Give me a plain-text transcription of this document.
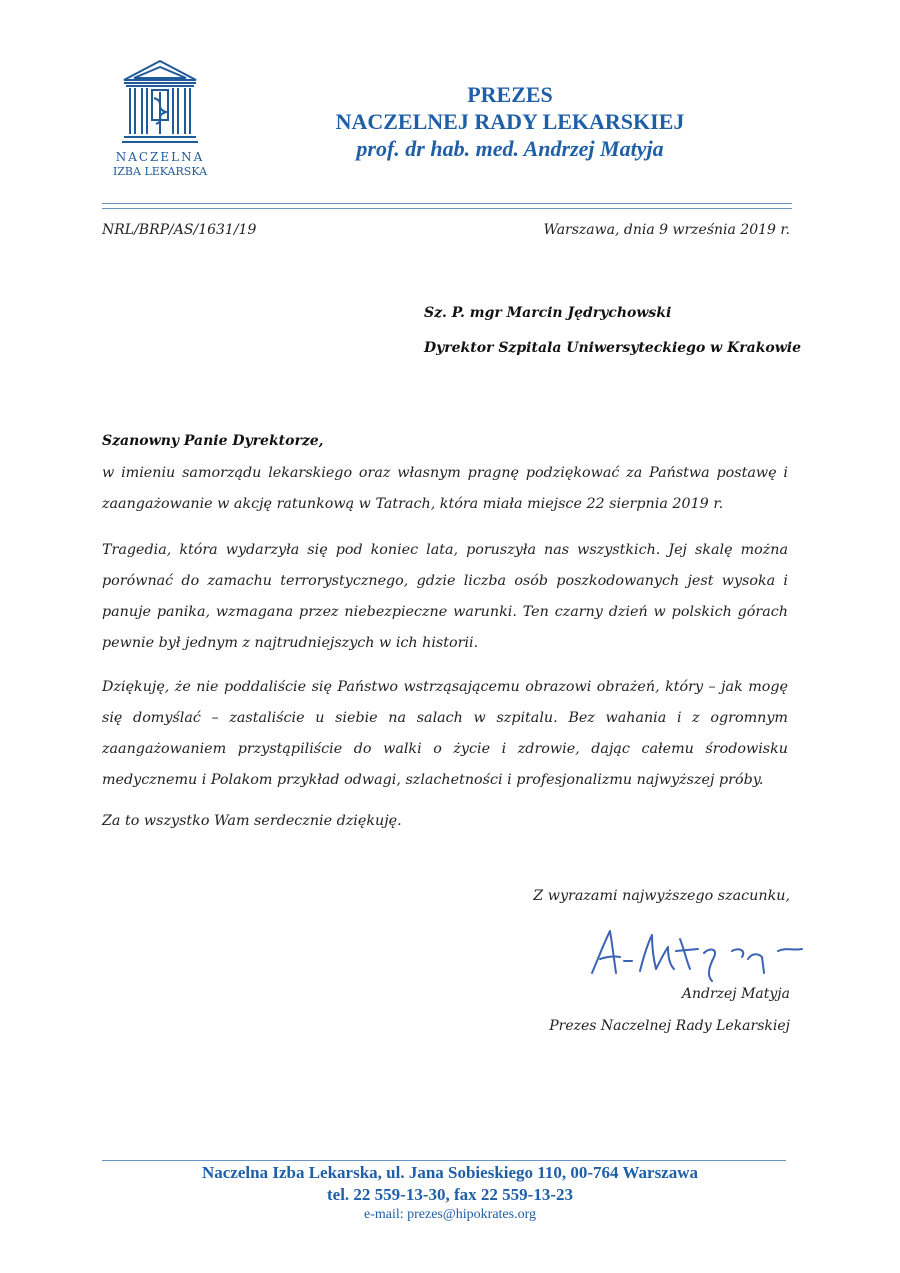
NACZELNA
IZBA LEKARSKA
PREZES
NACZELNEJ RADY LEKARSKIEJ
prof. dr hab. med. Andrzej Matyja
NRL/BRP/AS/1631/19	Warszawa, dnia 9 września 2019 r.
Sz. P. mgr Marcin Jędrychowski
Dyrektor Szpitala Uniwersyteckiego w Krakowie
Szanowny Panie Dyrektorze,
w imieniu samorządu lekarskiego oraz własnym pragnę podziękować za Państwa postawę i zaangażowanie w akcję ratunkową w Tatrach, która miała miejsce 22 sierpnia 2019 r.
Tragedia, która wydarzyła się pod koniec lata, poruszyła nas wszystkich. Jej skalę można porównać do zamachu terrorystycznego, gdzie liczba osób poszkodowanych jest wysoka i panuje panika, wzmagana przez niebezpieczne warunki. Ten czarny dzień w polskich górach pewnie był jednym z najtrudniejszych w ich historii.
Dziękuję, że nie poddaliście się Państwo wstrząsającemu obrazowi obrażeń, który – jak mogę się domyślać – zastaliście u siebie na salach w szpitalu. Bez wahania i z ogromnym zaangażowaniem przystąpiliście do walki o życie i zdrowie, dając całemu środowisku medycznemu i Polakom przykład odwagi, szlachetności i profesjonalizmu najwyższej próby.
Za to wszystko Wam serdecznie dziękuję.
Z wyrazami najwyższego szacunku,
Andrzej Matyja
Prezes Naczelnej Rady Lekarskiej
Naczelna Izba Lekarska, ul. Jana Sobieskiego 110, 00-764 Warszawa
tel. 22 559-13-30, fax 22 559-13-23
e-mail: prezes@hipokrates.org
